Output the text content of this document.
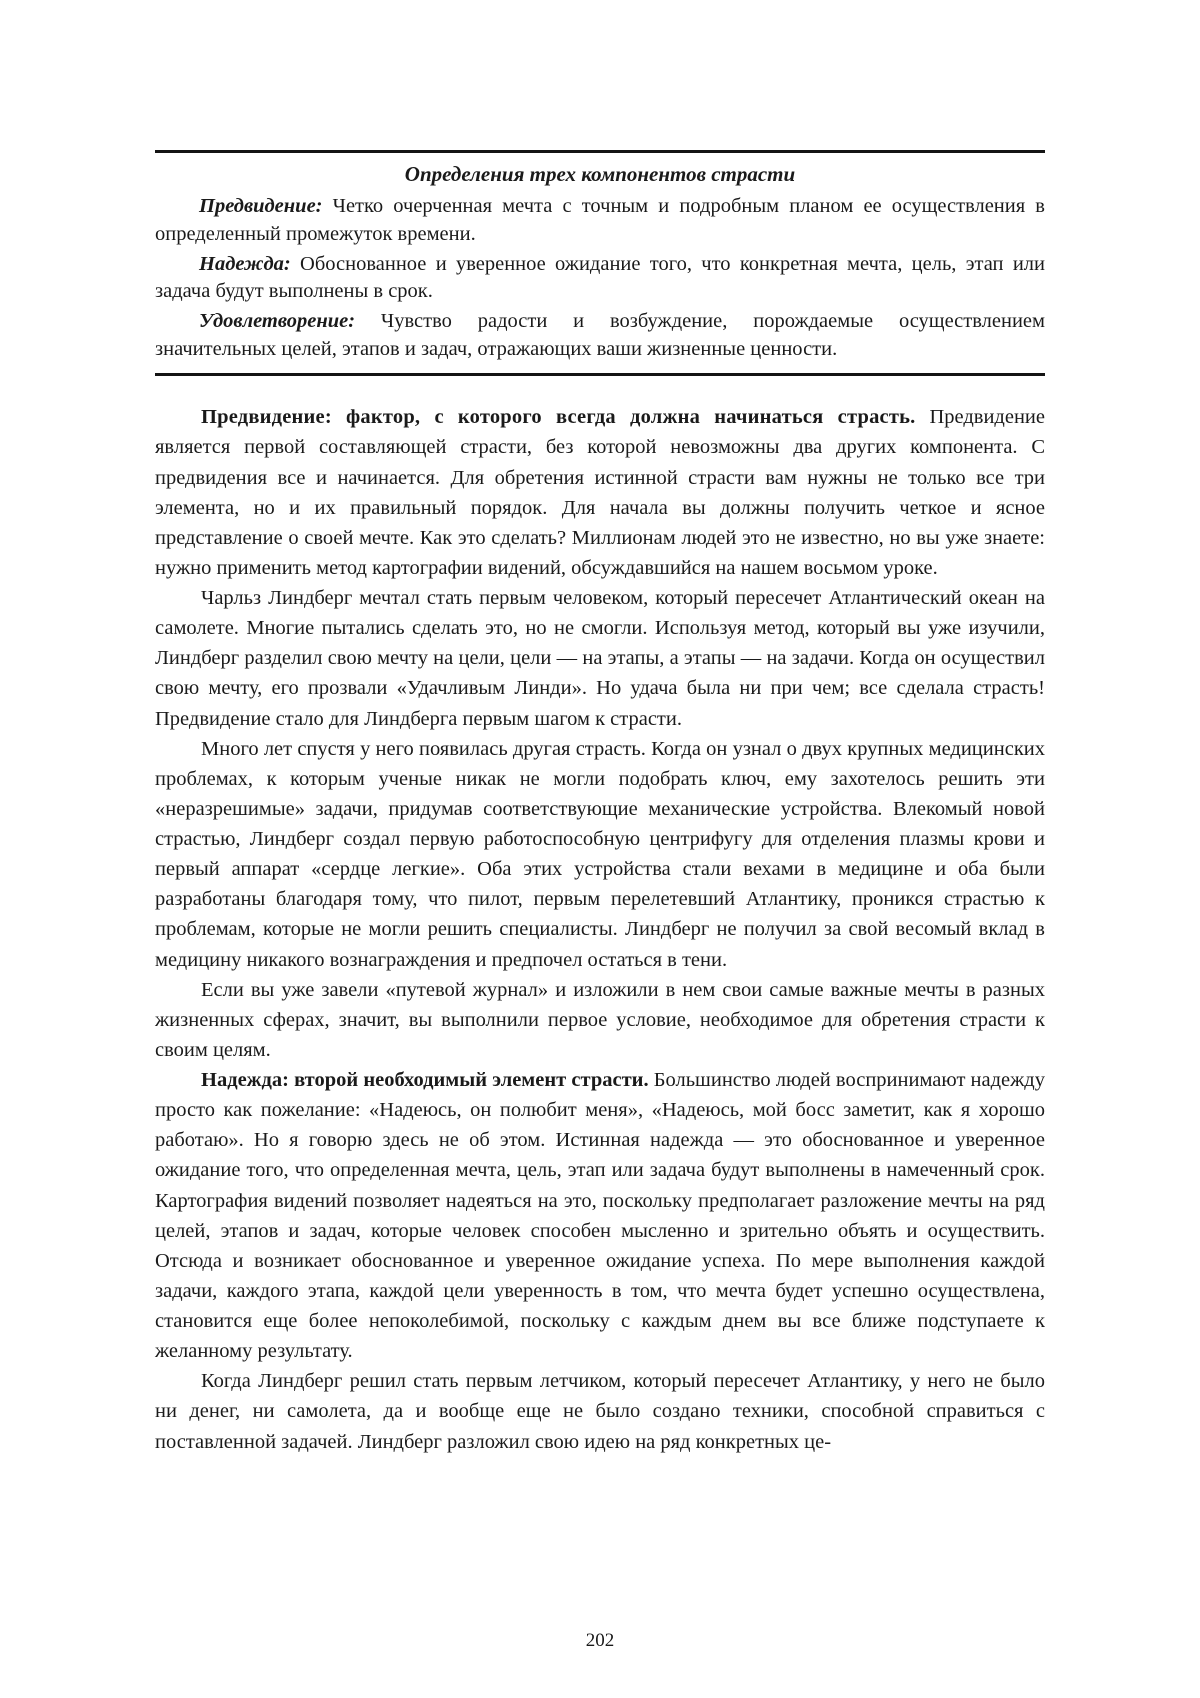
Определения трех компонентов страсти

Предвидение: Четко очерченная мечта с точным и подробным планом ее осуществления в определенный промежуток времени.

Надежда: Обоснованное и уверенное ожидание того, что конкретная мечта, цель, этап или задача будут выполнены в срок.

Удовлетворение: Чувство радости и возбуждение, порождаемые осуществлением значительных целей, этапов и задач, отражающих ваши жизненные ценности.

Предвидение: фактор, с которого всегда должна начинаться страсть. Предвидение является первой составляющей страсти, без которой невозможны два других компонента. С предвидения все и начинается. Для обретения истинной страсти вам нужны не только все три элемента, но и их правильный порядок. Для начала вы должны получить четкое и ясное представление о своей мечте. Как это сделать? Миллионам людей это не известно, но вы уже знаете: нужно применить метод картографии видений, обсуждавшийся на нашем восьмом уроке.

Чарльз Линдберг мечтал стать первым человеком, который пересечет Атлантический океан на самолете. Многие пытались сделать это, но не смогли. Используя метод, который вы уже изучили, Линдберг разделил свою мечту на цели, цели — на этапы, а этапы — на задачи. Когда он осуществил свою мечту, его прозвали «Удачливым Линди». Но удача была ни при чем; все сделала страсть! Предвидение стало для Линдберга первым шагом к страсти.

Много лет спустя у него появилась другая страсть. Когда он узнал о двух крупных медицинских проблемах, к которым ученые никак не могли подобрать ключ, ему захотелось решить эти «неразрешимые» задачи, придумав соответствующие механические устройства. Влекомый новой страстью, Линдберг создал первую работоспособную центрифугу для отделения плазмы крови и первый аппарат «сердце легкие». Оба этих устройства стали вехами в медицине и оба были разработаны благодаря тому, что пилот, первым перелетевший Атлантику, проникся страстью к проблемам, которые не могли решить специалисты. Линдберг не получил за свой весомый вклад в медицину никакого вознаграждения и предпочел остаться в тени.

Если вы уже завели «путевой журнал» и изложили в нем свои самые важные мечты в разных жизненных сферах, значит, вы выполнили первое условие, необходимое для обретения страсти к своим целям.

Надежда: второй необходимый элемент страсти. Большинство людей воспринимают надежду просто как пожелание: «Надеюсь, он полюбит меня», «Надеюсь, мой босс заметит, как я хорошо работаю». Но я говорю здесь не об этом. Истинная надежда — это обоснованное и уверенное ожидание того, что определенная мечта, цель, этап или задача будут выполнены в намеченный срок. Картография видений позволяет надеяться на это, поскольку предполагает разложение мечты на ряд целей, этапов и задач, которые человек способен мысленно и зрительно объять и осуществить. Отсюда и возникает обоснованное и уверенное ожидание успеха. По мере выполнения каждой задачи, каждого этапа, каждой цели уверенность в том, что мечта будет успешно осуществлена, становится еще более непоколебимой, поскольку с каждым днем вы все ближе подступаете к желанному результату.

Когда Линдберг решил стать первым летчиком, который пересечет Атлантику, у него не было ни денег, ни самолета, да и вообще еще не было создано техники, способной справиться с поставленной задачей. Линдберг разложил свою идею на ряд конкретных це-

202
